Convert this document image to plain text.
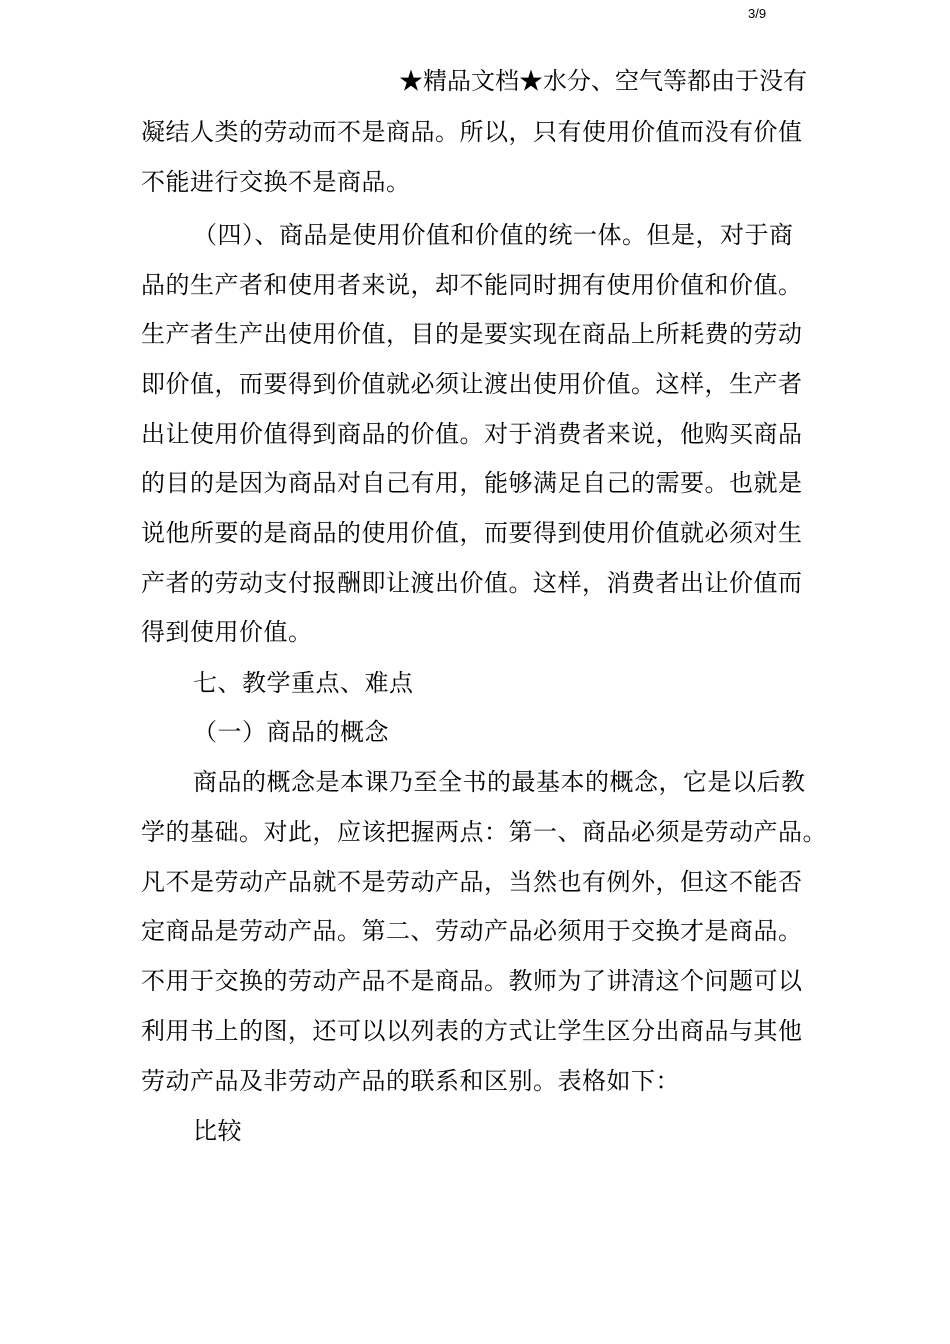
3/9
★精品文档★水分、空气等都由于没有
凝结人类的劳动而不是商品。所以，只有使用价值而没有价值
不能进行交换不是商品。
（四）、商品是使用价值和价值的统一体。但是，对于商
品的生产者和使用者来说，却不能同时拥有使用价值和价值。
生产者生产出使用价值，目的是要实现在商品上所耗费的劳动
即价值，而要得到价值就必须让渡出使用价值。这样，生产者
出让使用价值得到商品的价值。对于消费者来说，他购买商品
的目的是因为商品对自己有用，能够满足自己的需要。也就是
说他所要的是商品的使用价值，而要得到使用价值就必须对生
产者的劳动支付报酬即让渡出价值。这样，消费者出让价值而
得到使用价值。
七、教学重点、难点
（一）商品的概念
商品的概念是本课乃至全书的最基本的概念，它是以后教
学的基础。对此，应该把握两点：第一、商品必须是劳动产品。
凡不是劳动产品就不是劳动产品，当然也有例外，但这不能否
定商品是劳动产品。第二、劳动产品必须用于交换才是商品。
不用于交换的劳动产品不是商品。教师为了讲清这个问题可以
利用书上的图，还可以以列表的方式让学生区分出商品与其他
劳动产品及非劳动产品的联系和区别。表格如下：
比较
